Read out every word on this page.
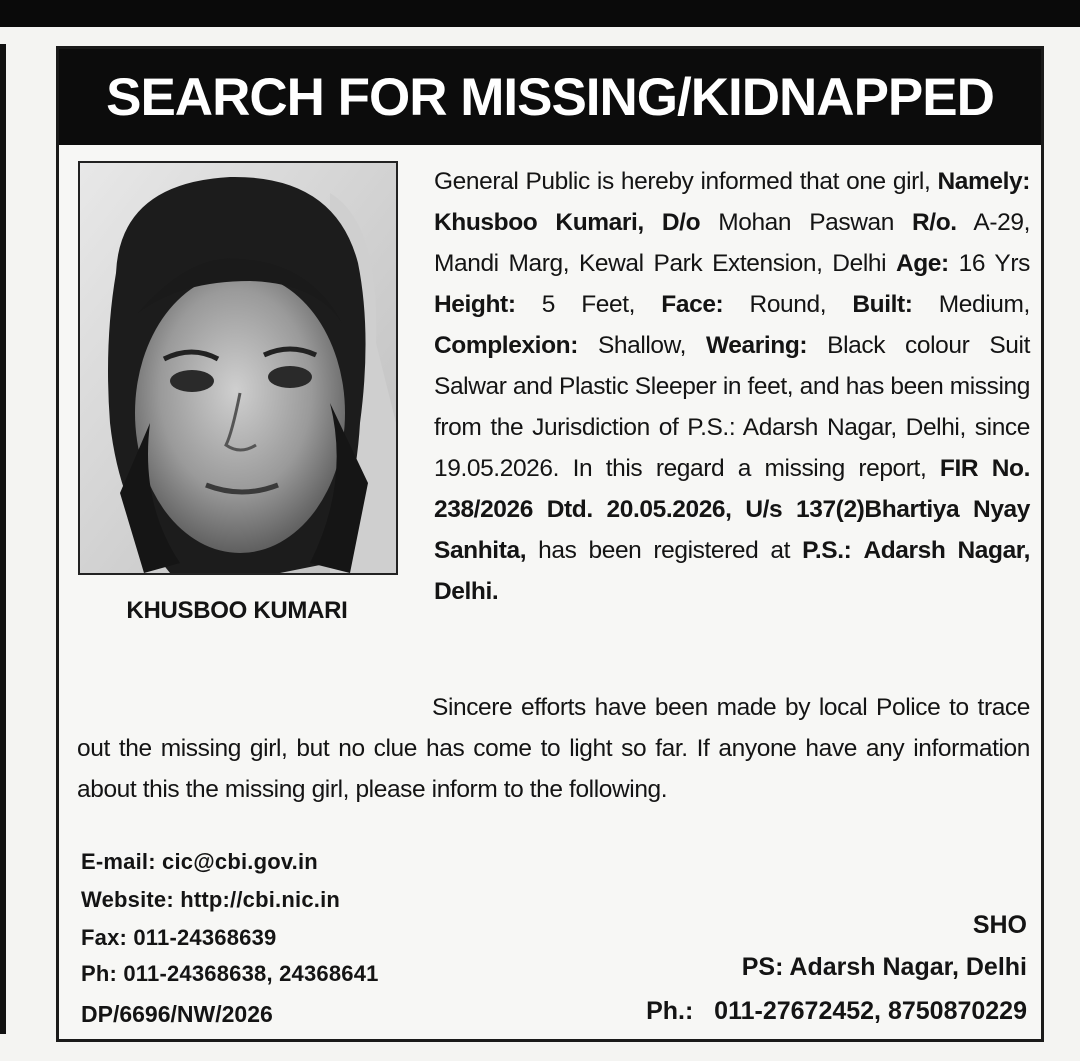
SEARCH FOR MISSING/KIDNAPPED
KHUSBOO KUMARI
General Public is hereby informed that one girl, Namely: Khusboo Kumari, D/o Mohan Paswan R/o. A-29, Mandi Marg, Kewal Park Extension, Delhi Age: 16 Yrs Height: 5 Feet, Face: Round, Built: Medium, Complexion: Shallow, Wearing: Black colour Suit Salwar and Plastic Sleeper in feet, and has been missing from the Jurisdiction of P.S.: Adarsh Nagar, Delhi, since 19.05.2026. In this regard a missing report, FIR No. 238/2026 Dtd. 20.05.2026, U/s 137(2)Bhartiya Nyay Sanhita, has been registered at P.S.: Adarsh Nagar, Delhi.
Sincere efforts have been made by local Police to trace out the missing girl, but no clue has come to light so far. If anyone have any information about this the missing girl, please inform to the following.
E-mail: cic@cbi.gov.in
Website: http://cbi.nic.in
Fax: 011-24368639
Ph: 011-24368638, 24368641
DP/6696/NW/2026
SHO
PS: Adarsh Nagar, Delhi
Ph.: 011-27672452, 8750870229
